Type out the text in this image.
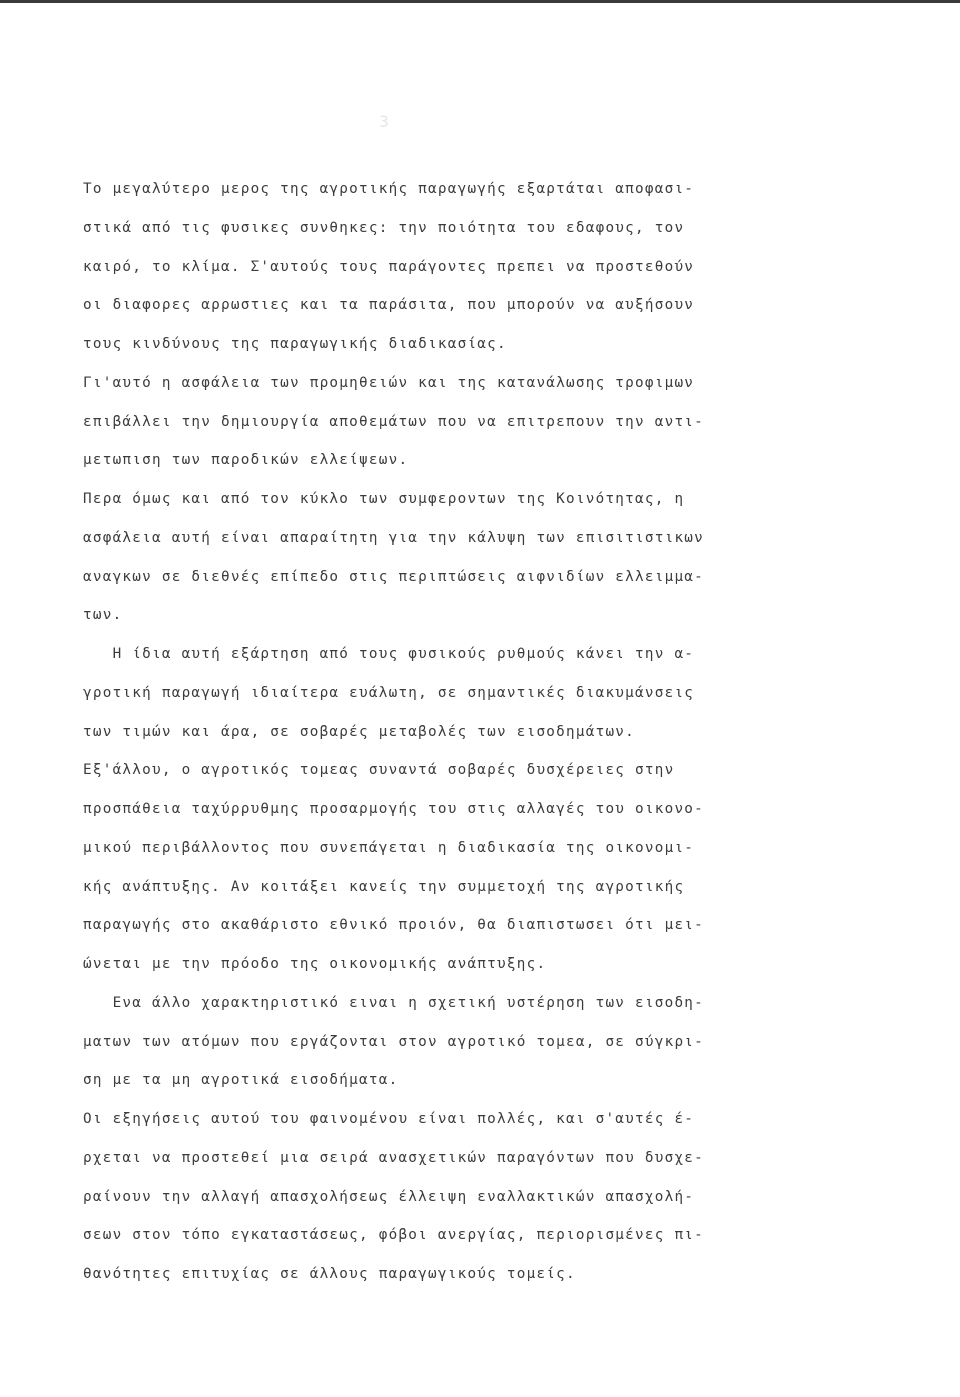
3
Το μεγαλύτερο μερος της αγροτικής παραγωγής εξαρτάται αποφασι-
στικά από τις φυσικες συνθηκες: την ποιότητα του εδαφους, τον
καιρό, το κλίμα. Σ'αυτούς τους παράγοντες πρεπει να προστεθούν
οι διαφορες αρρωστιες και τα παράσιτα, που μπορούν να αυξήσουν
τους κινδύνους της παραγωγικής διαδικασίας.
Γι'αυτό η ασφάλεια των προμηθειών και της κατανάλωσης τροφιμων
επιβάλλει την δημιουργία αποθεμάτων που να επιτρεπουν την αντι-
μετωπιση των παροδικών ελλείψεων.
Περα όμως και από τον κύκλο των συμφεροντων της Κοινότητας, η
ασφάλεια αυτή είναι απαραίτητη για την κάλυψη των επισιτιστικων
αναγκων σε διεθνές επίπεδο στις περιπτώσεις αιφνιδίων ελλειμμα-
των.
Η ίδια αυτή εξάρτηση από τους φυσικούς ρυθμούς κάνει την α-
γροτική παραγωγή ιδιαίτερα ευάλωτη, σε σημαντικές διακυμάνσεις
των τιμών και άρα, σε σοβαρές μεταβολές των εισοδημάτων.
Εξ'άλλου, ο αγροτικός τομεας συναντά σοβαρές δυσχέρειες στην
προσπάθεια ταχύρρυθμης προσαρμογής του στις αλλαγές του οικονο-
μικού περιβάλλοντος που συνεπάγεται η διαδικασία της οικονομι-
κής ανάπτυξης. Αν κοιτάξει κανείς την συμμετοχή της αγροτικής
παραγωγής στο ακαθάριστο εθνικό προιόν, θα διαπιστωσει ότι μει-
ώνεται με την πρόοδο της οικονομικής ανάπτυξης.
Ενα άλλο χαρακτηριστικό ειναι η σχετική υστέρηση των εισοδη-
ματων των ατόμων που εργάζονται στον αγροτικό τομεα, σε σύγκρι-
ση με τα μη αγροτικά εισοδήματα.
Οι εξηγήσεις αυτού του φαινομένου είναι πολλές, και σ'αυτές έ-
ρχεται να προστεθεί μια σειρά ανασχετικών παραγόντων που δυσχε-
ραίνουν την αλλαγή απασχολήσεως έλλειψη εναλλακτικών απασχολή-
σεων στον τόπο εγκαταστάσεως, φόβοι ανεργίας, περιορισμένες πι-
θανότητες επιτυχίας σε άλλους παραγωγικούς τομείς.
